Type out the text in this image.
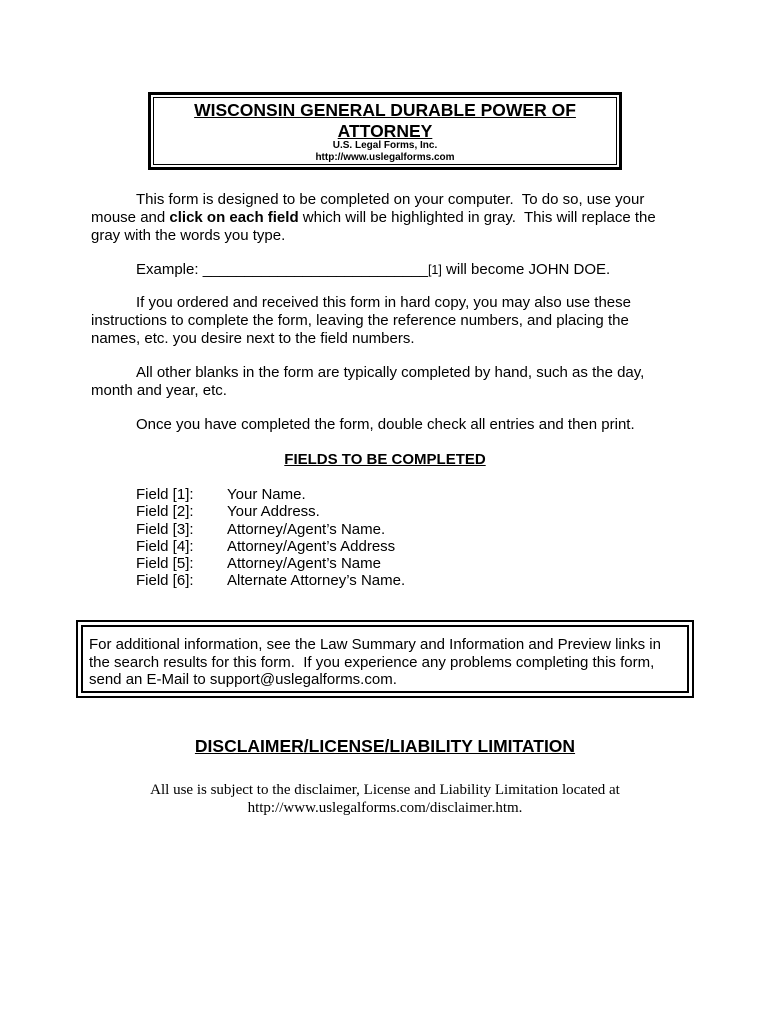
WISCONSIN GENERAL DURABLE POWER OF
ATTORNEY
U.S. Legal Forms, Inc.
http://www.uslegalforms.com
This form is designed to be completed on your computer.  To do so, use your
mouse and click on each field which will be highlighted in gray.  This will replace the
gray with the words you type.
Example: ___________________________[1] will become JOHN DOE.
If you ordered and received this form in hard copy, you may also use these
instructions to complete the form, leaving the reference numbers, and placing the
names, etc. you desire next to the field numbers.
All other blanks in the form are typically completed by hand, such as the day,
month and year, etc.
Once you have completed the form, double check all entries and then print.
FIELDS TO BE COMPLETED

Field [1]:

Your Name.

Field [2]:

Your Address.

Field [3]:

Attorney/Agent’s Name.

Field [4]:

Attorney/Agent’s Address

Field [5]:

Attorney/Agent’s Name

Field [6]:

Alternate Attorney’s Name.

For additional information, see the Law Summary and Information and Preview links in
the search results for this form.  If you experience any problems completing this form,
send an E-Mail to support@uslegalforms.com.
DISCLAIMER/LICENSE/LIABILITY LIMITATION
All use is subject to the disclaimer, License and Liability Limitation located at
http://www.uslegalforms.com/disclaimer.htm.
